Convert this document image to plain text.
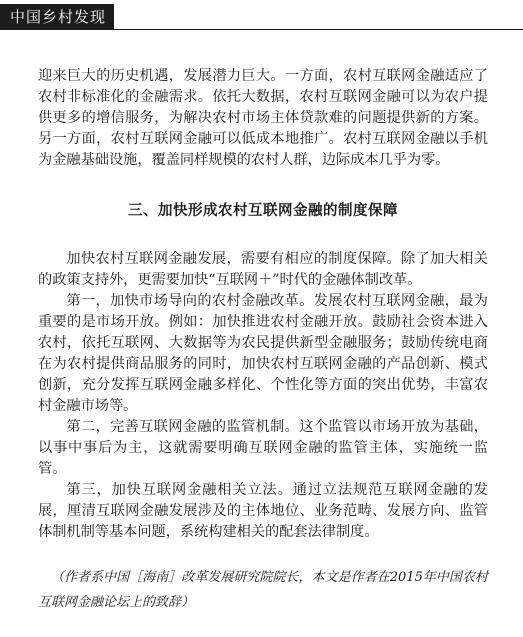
中国乡村发现

迎来巨大的历史机遇，发展潜力巨大。一方面，农村互联网金融适应了农村非标准化的金融需求。依托大数据，农村互联网金融可以为农户提供更多的增信服务，为解决农村市场主体贷款难的问题提供新的方案。另一方面，农村互联网金融可以低成本地推广。农村互联网金融以手机为金融基础设施，覆盖同样规模的农村人群，边际成本几乎为零。

三、加快形成农村互联网金融的制度保障

加快农村互联网金融发展，需要有相应的制度保障。除了加大相关的政策支持外，更需要加快“互联网＋”时代的金融体制改革。

第一，加快市场导向的农村金融改革。发展农村互联网金融，最为重要的是市场开放。例如：加快推进农村金融开放。鼓励社会资本进入农村，依托互联网、大数据等为农民提供新型金融服务；鼓励传统电商在为农村提供商品服务的同时，加快农村互联网金融的产品创新、模式创新，充分发挥互联网金融多样化、个性化等方面的突出优势，丰富农村金融市场等。

第二，完善互联网金融的监管机制。这个监管以市场开放为基础，以事中事后为主，这就需要明确互联网金融的监管主体，实施统一监管。

第三，加快互联网金融相关立法。通过立法规范互联网金融的发展，厘清互联网金融发展涉及的主体地位、业务范畴、发展方向、监管体制机制等基本问题，系统构建相关的配套法律制度。

（作者系中国［海南］改革发展研究院院长，本文是作者在2015年中国农村互联网金融论坛上的致辞）
